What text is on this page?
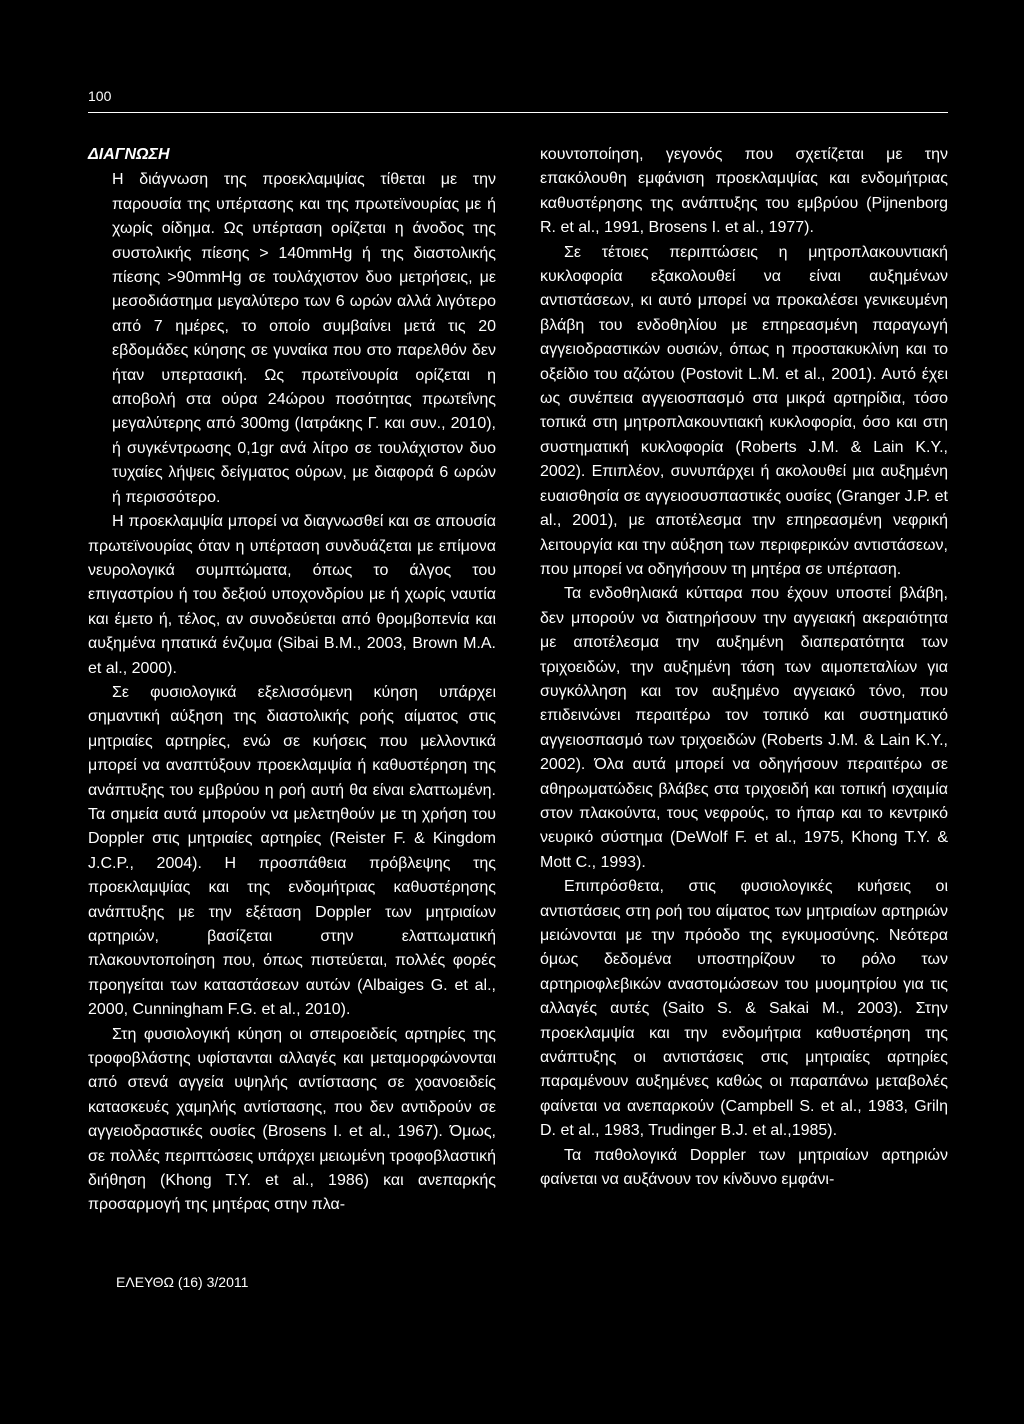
100
ΔΙΑΓΝΩΣΗ

Η διάγνωση της προεκλαμψίας τίθεται με την παρουσία της υπέρτασης και της πρωτεϊνουρίας με ή χωρίς οίδημα. Ως υπέρταση ορίζεται η άνοδος της συστολικής πίεσης > 140mmHg ή της διαστολικής πίεσης >90mmHg σε τουλάχιστον δυο μετρήσεις, με μεσοδιάστημα μεγαλύτερο των 6 ωρών αλλά λιγότερο από 7 ημέρες, το οποίο συμβαίνει μετά τις 20 εβδομάδες κύησης σε γυναίκα που στο παρελθόν δεν ήταν υπερτασική. Ως πρωτεϊνουρία ορίζεται η αποβολή στα ούρα 24ώρου ποσότητας πρωτεΐνης μεγαλύτερης από 300mg (Ιατράκης Γ. και συν., 2010), ή συγκέντρωσης 0,1gr ανά λίτρο σε τουλάχιστον δυο τυχαίες λήψεις δείγματος ούρων, με διαφορά 6 ωρών ή περισσότερο.

Η προεκλαμψία μπορεί να διαγνωσθεί και σε απουσία πρωτεϊνουρίας όταν η υπέρταση συνδυάζεται με επίμονα νευρολογικά συμπτώματα, όπως το άλγος του επιγαστρίου ή του δεξιού υποχονδρίου με ή χωρίς ναυτία και έμετο ή, τέλος, αν συνοδεύεται από θρομβοπενία και αυξημένα ηπατικά ένζυμα (Sibai B.M., 2003, Brown M.A. et al., 2000).

Σε φυσιολογικά εξελισσόμενη κύηση υπάρχει σημαντική αύξηση της διαστολικής ροής αίματος στις μητριαίες αρτηρίες, ενώ σε κυήσεις που μελλοντικά μπορεί να αναπτύξουν προεκλαμψία ή καθυστέρηση της ανάπτυξης του εμβρύου η ροή αυτή θα είναι ελαττωμένη. Τα σημεία αυτά μπορούν να μελετηθούν με τη χρήση του Doppler στις μητριαίες αρτηρίες (Reister F. & Kingdom J.C.P., 2004). Η προσπάθεια πρόβλεψης της προεκλαμψίας και της ενδομήτριας καθυστέρησης ανάπτυξης με την εξέταση Doppler των μητριαίων αρτηριών, βασίζεται στην ελαττωματική πλακουντοποίηση που, όπως πιστεύεται, πολλές φορές προηγείται των καταστάσεων αυτών (Albaiges G. et al., 2000, Cunningham F.G. et al., 2010).

Στη φυσιολογική κύηση οι σπειροειδείς αρτηρίες της τροφοβλάστης υφίστανται αλλαγές και μεταμορφώνονται από στενά αγγεία υψηλής αντίστασης σε χοανοειδείς κατασκευές χαμηλής αντίστασης, που δεν αντιδρούν σε αγγειοδραστικές ουσίες (Brosens I. et al., 1967). Όμως, σε πολλές περιπτώσεις υπάρχει μειωμένη τροφοβλαστική διήθηση (Khong T.Y. et al., 1986) και ανεπαρκής προσαρμογή της μητέρας στην πλα-

κουντοποίηση, γεγονός που σχετίζεται με την επακόλουθη εμφάνιση προεκλαμψίας και ενδομήτριας καθυστέρησης της ανάπτυξης του εμβρύου (Pijnenborg R. et al., 1991, Brosens I. et al., 1977).

Σε τέτοιες περιπτώσεις η μητροπλακουντιακή κυκλοφορία εξακολουθεί να είναι αυξημένων αντιστάσεων, κι αυτό μπορεί να προκαλέσει γενικευμένη βλάβη του ενδοθηλίου με επηρεασμένη παραγωγή αγγειοδραστικών ουσιών, όπως η προστακυκλίνη και το οξείδιο του αζώτου (Postovit L.M. et al., 2001). Αυτό έχει ως συνέπεια αγγειοσπασμό στα μικρά αρτηρίδια, τόσο τοπικά στη μητροπλακουντιακή κυκλοφορία, όσο και στη συστηματική κυκλοφορία (Roberts J.M. & Lain K.Y., 2002). Επιπλέον, συνυπάρχει ή ακολουθεί μια αυξημένη ευαισθησία σε αγγειοσυσπαστικές ουσίες (Granger J.P. et al., 2001), με αποτέλεσμα την επηρεασμένη νεφρική λειτουργία και την αύξηση των περιφερικών αντιστάσεων, που μπορεί να οδηγήσουν τη μητέρα σε υπέρταση.

Τα ενδοθηλιακά κύτταρα που έχουν υποστεί βλάβη, δεν μπορούν να διατηρήσουν την αγγειακή ακεραιότητα με αποτέλεσμα την αυξημένη διαπερατότητα των τριχοειδών, την αυξημένη τάση των αιμοπεταλίων για συγκόλληση και τον αυξημένο αγγειακό τόνο, που επιδεινώνει περαιτέρω τον τοπικό και συστηματικό αγγειοσπασμό των τριχοειδών (Roberts J.M. & Lain K.Y., 2002). Όλα αυτά μπορεί να οδηγήσουν περαιτέρω σε αθηρωματώδεις βλάβες στα τριχοειδή και τοπική ισχαιμία στον πλακούντα, τους νεφρούς, το ήπαρ και το κεντρικό νευρικό σύστημα (DeWolf F. et al., 1975, Khong T.Y. & Mott C., 1993).

Επιπρόσθετα, στις φυσιολογικές κυήσεις οι αντιστάσεις στη ροή του αίματος των μητριαίων αρτηριών μειώνονται με την πρόοδο της εγκυμοσύνης. Νεότερα όμως δεδομένα υποστηρίζουν το ρόλο των αρτηριοφλεβικών αναστομώσεων του μυομητρίου για τις αλλαγές αυτές (Saito S. & Sakai M., 2003). Στην προεκλαμψία και την ενδομήτρια καθυστέρηση της ανάπτυξης οι αντιστάσεις στις μητριαίες αρτηρίες παραμένουν αυξημένες καθώς οι παραπάνω μεταβολές φαίνεται να ανεπαρκούν (Campbell S. et al., 1983, Grilη D. et al., 1983, Trudinger B.J. et al.,1985).

Τα παθολογικά Doppler των μητριαίων αρτηριών φαίνεται να αυξάνουν τον κίνδυνο εμφάνι-

ΕΛΕΥΘΩ (16) 3/2011
